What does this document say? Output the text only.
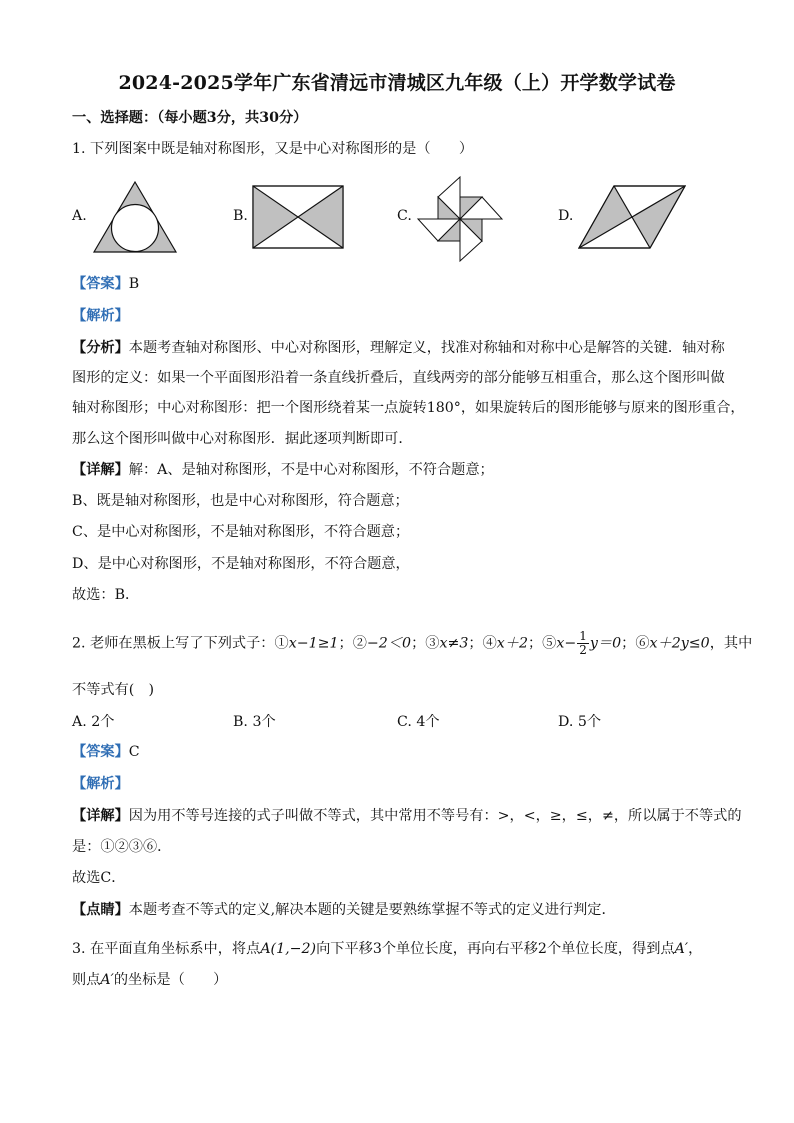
2024-2025学年广东省清远市清城区九年级（上）开学数学试卷
一、选择题：（每小题3分，共30分）
1. 下列图案中既是轴对称图形，又是中心对称图形的是（　　）
A.	B.	C.	D.
【答案】B
【解析】
【分析】本题考查轴对称图形、中心对称图形，理解定义，找准对称轴和对称中心是解答的关键．轴对称
图形的定义：如果一个平面图形沿着一条直线折叠后，直线两旁的部分能够互相重合，那么这个图形叫做
轴对称图形；中心对称图形：把一个图形绕着某一点旋转180°，如果旋转后的图形能够与原来的图形重合，
那么这个图形叫做中心对称图形．据此逐项判断即可．
【详解】解：A、是轴对称图形，不是中心对称图形，不符合题意；
B、既是轴对称图形，也是中心对称图形，符合题意；
C、是中心对称图形，不是轴对称图形，不符合题意；
D、是中心对称图形，不是轴对称图形，不符合题意，
故选：B．
2. 老师在黑板上写了下列式子：①x−1≥1；②−2＜0；③x≠3；④x＋2；⑤x− $\frac{1}{2} y=0$；⑥x＋2y≤0，其中
不等式有(　)
A. 2个	B. 3个	C. 4个	D. 5个
【答案】C
【解析】
【详解】因为用不等号连接的式子叫做不等式，其中常用不等号有：>，<，≥，≤，≠，所以属于不等式的
是：①②③⑥．
故选C．
【点睛】本题考查不等式的定义,解决本题的关键是要熟练掌握不等式的定义进行判定．
3. 在平面直角坐标系中，将点A(1,−2)向下平移3个单位长度，再向右平移2个单位长度，得到点A′，
则点A′的坐标是（　　）
